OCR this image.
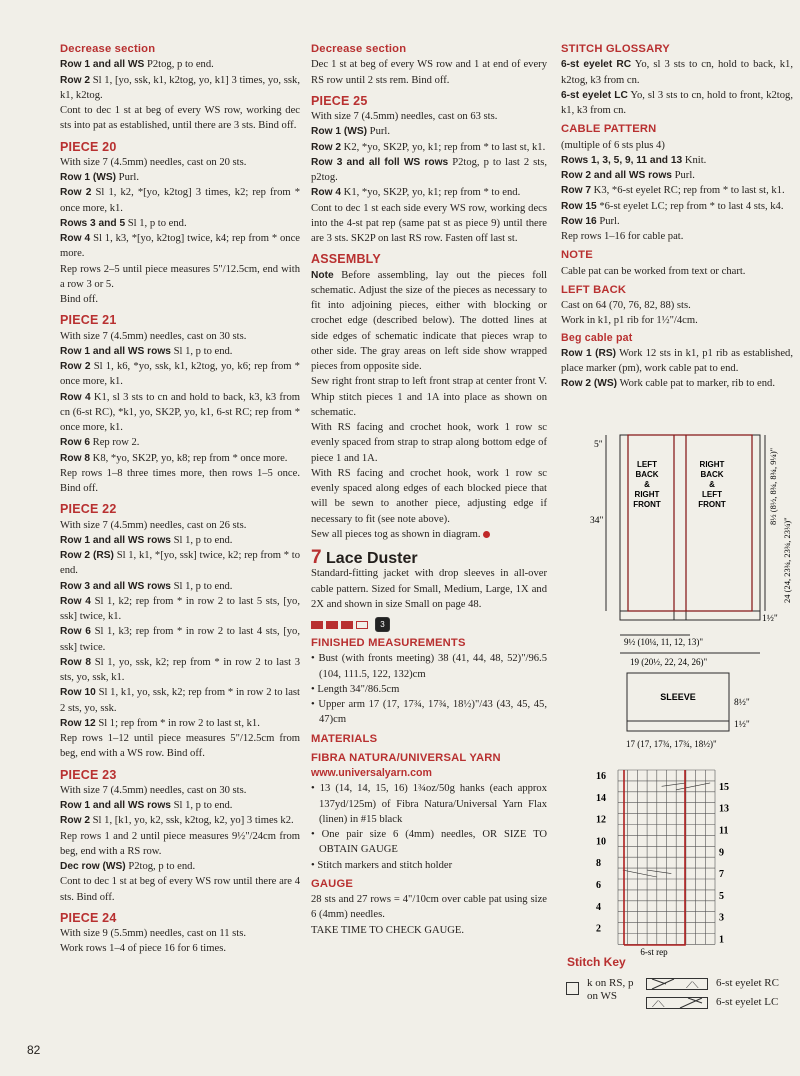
Decrease section

Row 1 and all WS P2tog, p to end.

Row 2 Sl 1, [yo, ssk, k1, k2tog, yo, k1] 3 times, yo, ssk, k1, k2tog.

Cont to dec 1 st at beg of every WS row, working dec sts into pat as established, until there are 3 sts. Bind off.

PIECE 20

With size 7 (4.5mm) needles, cast on 20 sts.

Row 1 (WS) Purl.

Row 2 Sl 1, k2, *[yo, k2tog] 3 times, k2; rep from * once more, k1.

Rows 3 and 5 Sl 1, p to end.

Row 4 Sl 1, k3, *[yo, k2tog] twice, k4; rep from * once more.

Rep rows 2–5 until piece measures 5"/12.5cm, end with a row 3 or 5.

Bind off.

PIECE 21

With size 7 (4.5mm) needles, cast on 30 sts.

Row 1 and all WS rows Sl 1, p to end.

Row 2 Sl 1, k6, *yo, ssk, k1, k2tog, yo, k6; rep from * once more, k1.

Row 4 K1, sl 3 sts to cn and hold to back, k3, k3 from cn (6-st RC), *k1, yo, SK2P, yo, k1, 6-st RC; rep from * once more, k1.

Row 6 Rep row 2.

Row 8 K8, *yo, SK2P, yo, k8; rep from * once more.

Rep rows 1–8 three times more, then rows 1–5 once. Bind off.

PIECE 22

With size 7 (4.5mm) needles, cast on 26 sts.

Row 1 and all WS rows Sl 1, p to end.

Row 2 (RS) Sl 1, k1, *[yo, ssk] twice, k2; rep from * to end.

Row 3 and all WS rows Sl 1, p to end.

Row 4 Sl 1, k2; rep from * in row 2 to last 5 sts, [yo, ssk] twice, k1.

Row 6 Sl 1, k3; rep from * in row 2 to last 4 sts, [yo, ssk] twice.

Row 8 Sl 1, yo, ssk, k2; rep from * in row 2 to last 3 sts, yo, ssk, k1.

Row 10 Sl 1, k1, yo, ssk, k2; rep from * in row 2 to last 2 sts, yo, ssk.

Row 12 Sl 1; rep from * in row 2 to last st, k1.

Rep rows 1–12 until piece measures 5"/12.5cm from beg, end with a WS row. Bind off.

PIECE 23

With size 7 (4.5mm) needles, cast on 30 sts.

Row 1 and all WS rows Sl 1, p to end.

Row 2 Sl 1, [k1, yo, k2, ssk, k2tog, k2, yo] 3 times k2.

Rep rows 1 and 2 until piece measures 9½"/24cm from beg, end with a RS row.

Dec row (WS) P2tog, p to end.

Cont to dec 1 st at beg of every WS row until there are 4 sts. Bind off.

PIECE 24

With size 9 (5.5mm) needles, cast on 11 sts.

Work rows 1–4 of piece 16 for 6 times.

Decrease section

Dec 1 st at beg of every WS row and 1 at end of every RS row until 2 sts rem. Bind off.

PIECE 25

With size 7 (4.5mm) needles, cast on 63 sts.

Row 1 (WS) Purl.

Row 2 K2, *yo, SK2P, yo, k1; rep from * to last st, k1.

Row 3 and all foll WS rows P2tog, p to last 2 sts, p2tog.

Row 4 K1, *yo, SK2P, yo, k1; rep from * to end.

Cont to dec 1 st each side every WS row, working decs into the 4-st pat rep (same pat st as piece 9) until there are 3 sts. SK2P on last RS row. Fasten off last st.

ASSEMBLY

Note Before assembling, lay out the pieces foll schematic. Adjust the size of the pieces as necessary to fit into adjoining pieces, either with blocking or crochet edge (described below). The dotted lines at side edges of schematic indicate that pieces wrap to other side. The gray areas on left side show wrapped pieces from opposite side.

Sew right front strap to left front strap at center front V. Whip stitch pieces 1 and 1A into place as shown on schematic.

With RS facing and crochet hook, work 1 row sc evenly spaced from strap to strap along bottom edge of piece 1 and 1A.

With RS facing and crochet hook, work 1 row sc evenly spaced along edges of each blocked piece that will be sewn to another piece, adjusting edge if necessary to fit (see note above).

Sew all pieces tog as shown in diagram.

7 Lace Duster

Standard-fitting jacket with drop sleeves in all-over cable pattern. Sized for Small, Medium, Large, 1X and 2X and shown in size Small on page 48.

3
FINISHED MEASUREMENTS

• Bust (with fronts meeting) 38 (41, 44, 48, 52)"/96.5 (104, 111.5, 122, 132)cm

• Length 34"/86.5cm

• Upper arm 17 (17, 17¾, 17¾, 18½)"/43 (43, 45, 45, 47)cm

MATERIALS
FIBRA NATURA/UNIVERSAL YARN
www.universalyarn.com

• 13 (14, 14, 15, 16) 1¾oz/50g hanks (each approx 137yd/125m) of Fibra Natura/Universal Yarn Flax (linen) in #15 black

• One pair size 6 (4mm) needles, OR SIZE TO OBTAIN GAUGE

• Stitch markers and stitch holder

GAUGE

28 sts and 27 rows = 4"/10cm over cable pat using size 6 (4mm) needles.

TAKE TIME TO CHECK GAUGE.

STITCH GLOSSARY

6-st eyelet RC Yo, sl 3 sts to cn, hold to back, k1, k2tog, k3 from cn.

6-st eyelet LC Yo, sl 3 sts to cn, hold to front, k2tog, k1, k3 from cn.

CABLE PATTERN

(multiple of 6 sts plus 4)

Rows 1, 3, 5, 9, 11 and 13 Knit.

Row 2 and all WS rows Purl.

Row 7 K3, *6-st eyelet RC; rep from * to last st, k1.

Row 15 *6-st eyelet LC; rep from * to last 4 sts, k4.

Row 16 Purl.

Rep rows 1–16 for cable pat.

NOTE

Cable pat can be worked from text or chart.

LEFT BACK

Cast on 64 (70, 76, 82, 88) sts.

Work in k1, p1 rib for 1½"/4cm.

Beg cable pat

Row 1 (RS) Work 12 sts in k1, p1 rib as established, place marker (pm), work cable pat to end.

Row 2 (WS) Work cable pat to marker, rib to end.

LEFT BACK & RIGHT FRONT
RIGHT BACK & LEFT FRONT
5"
34"	8½ (8½, 8¾, 8¾, 9¼)"
24 (24, 23¾, 23¾, 23¼)"
1½"
9½ (10¼, 11, 12, 13)"
19 (20½, 22, 24, 26)"
SLEEVE
8½"
1½"
17 (17, 17¾, 17¾, 18½)"
16
14
12
10
8
6
4
2
15
13
11
9
7
5
3
1
6-st rep
Stitch Key
k on RS, p on WS
⟋⟍ 6-st eyelet RC
⟋⟍	6-st eyelet LC
82
